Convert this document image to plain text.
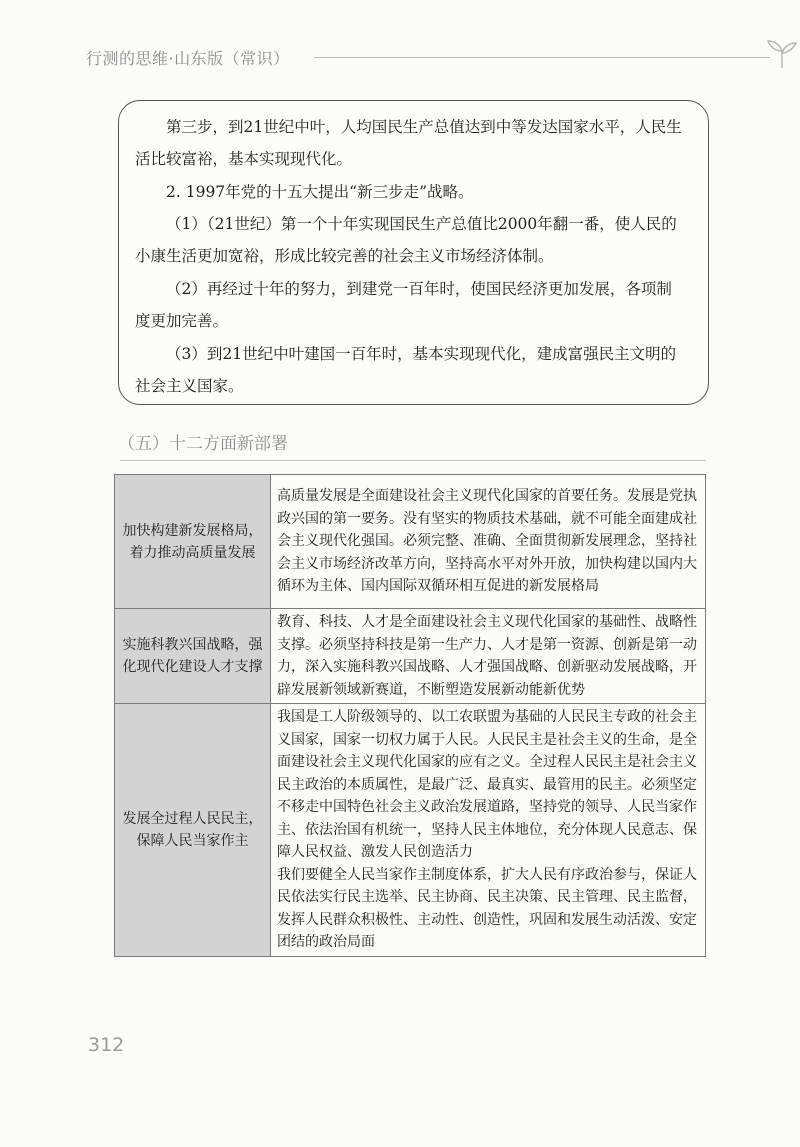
行测的思维·山东版（常识）

第三步，到21世纪中叶，人均国民生产总值达到中等发达国家水平，人民生活比较富裕，基本实现现代化。

2. 1997年党的十五大提出“新三步走”战略。

（1）（21世纪）第一个十年实现国民生产总值比2000年翻一番，使人民的小康生活更加宽裕，形成比较完善的社会主义市场经济体制。

（2）再经过十年的努力，到建党一百年时，使国民经济更加发展，各项制度更加完善。

（3）到21世纪中叶建国一百年时，基本实现现代化，建成富强民主文明的社会主义国家。

（五）十二方面新部署
加快构建新发展格局，着力推动高质量发展	高质量发展是全面建设社会主义现代化国家的首要任务。发展是党执政兴国的第一要务。没有坚实的物质技术基础，就不可能全面建成社会主义现代化强国。必须完整、准确、全面贯彻新发展理念，坚持社会主义市场经济改革方向，坚持高水平对外开放，加快构建以国内大循环为主体、国内国际双循环相互促进的新发展格局
实施科教兴国战略，强化现代化建设人才支撑	教育、科技、人才是全面建设社会主义现代化国家的基础性、战略性支撑。必须坚持科技是第一生产力、人才是第一资源、创新是第一动力，深入实施科教兴国战略、人才强国战略、创新驱动发展战略，开辟发展新领域新赛道，不断塑造发展新动能新优势
发展全过程人民民主，保障人民当家作主	我国是工人阶级领导的、以工农联盟为基础的人民民主专政的社会主义国家，国家一切权力属于人民。人民民主是社会主义的生命，是全面建设社会主义现代化国家的应有之义。全过程人民民主是社会主义民主政治的本质属性，是最广泛、最真实、最管用的民主。必须坚定不移走中国特色社会主义政治发展道路，坚持党的领导、人民当家作主、依法治国有机统一，坚持人民主体地位，充分体现人民意志、保障人民权益、激发人民创造活力
我们要健全人民当家作主制度体系，扩大人民有序政治参与，保证人民依法实行民主选举、民主协商、民主决策、民主管理、民主监督，发挥人民群众积极性、主动性、创造性，巩固和发展生动活泼、安定团结的政治局面
312
